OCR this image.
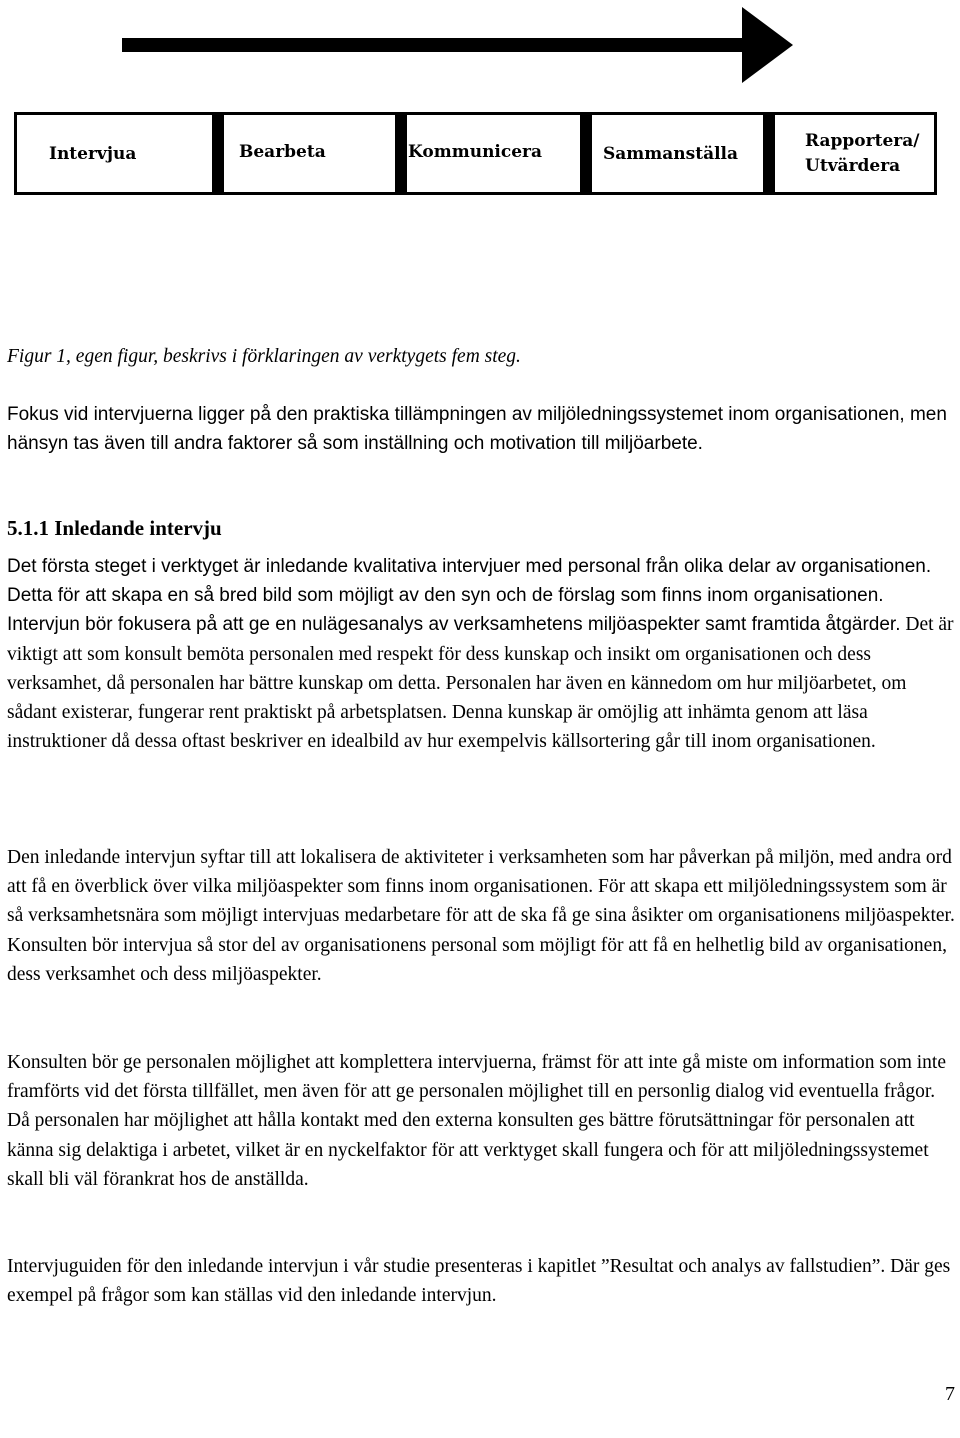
Intervjua	Bearbeta	Kommunicera	Sammanställa
Rapportera/
Utvärdera

Figur 1, egen figur, beskrivs i förklaringen av verktygets fem steg.

Fokus vid intervjuerna ligger på den praktiska tillämpningen av miljöledningssystemet inom organisationen, men hänsyn tas även till andra faktorer så som inställning och motivation till miljöarbete.

5.1.1 Inledande intervju

Det första steget i verktyget är inledande kvalitativa intervjuer med personal från olika delar av organisationen. Detta för att skapa en så bred bild som möjligt av den syn och de förslag som finns inom organisationen. Intervjun bör fokusera på att ge en nulägesanalys av verksamhetens miljöaspekter samt framtida åtgärder. Det är viktigt att som konsult bemöta personalen med respekt för dess kunskap och insikt om organisationen och dess verksamhet, då personalen har bättre kunskap om detta. Personalen har även en kännedom om hur miljöarbetet, om sådant existerar, fungerar rent praktiskt på arbetsplatsen. Denna kunskap är omöjlig att inhämta genom att läsa instruktioner då dessa oftast beskriver en idealbild av hur exempelvis källsortering går till inom organisationen.

Den inledande intervjun syftar till att lokalisera de aktiviteter i verksamheten som har påverkan på miljön, med andra ord att få en överblick över vilka miljöaspekter som finns inom organisationen. För att skapa ett miljöledningssystem som är så verksamhetsnära som möjligt intervjuas medarbetare för att de ska få ge sina åsikter om organisationens miljöaspekter. Konsulten bör intervjua så stor del av organisationens personal som möjligt för att få en helhetlig bild av organisationen, dess verksamhet och dess miljöaspekter.

Konsulten bör ge personalen möjlighet att komplettera intervjuerna, främst för att inte gå miste om information som inte framförts vid det första tillfället, men även för att ge personalen möjlighet till en personlig dialog vid eventuella frågor. Då personalen har möjlighet att hålla kontakt med den externa konsulten ges bättre förutsättningar för personalen att känna sig delaktiga i arbetet, vilket är en nyckelfaktor för att verktyget skall fungera och för att miljöledningssystemet skall bli väl förankrat hos de anställda.

Intervjuguiden för den inledande intervjun i vår studie presenteras i kapitlet ”Resultat och analys av fallstudien”. Där ges exempel på frågor som kan ställas vid den inledande intervjun.

7
